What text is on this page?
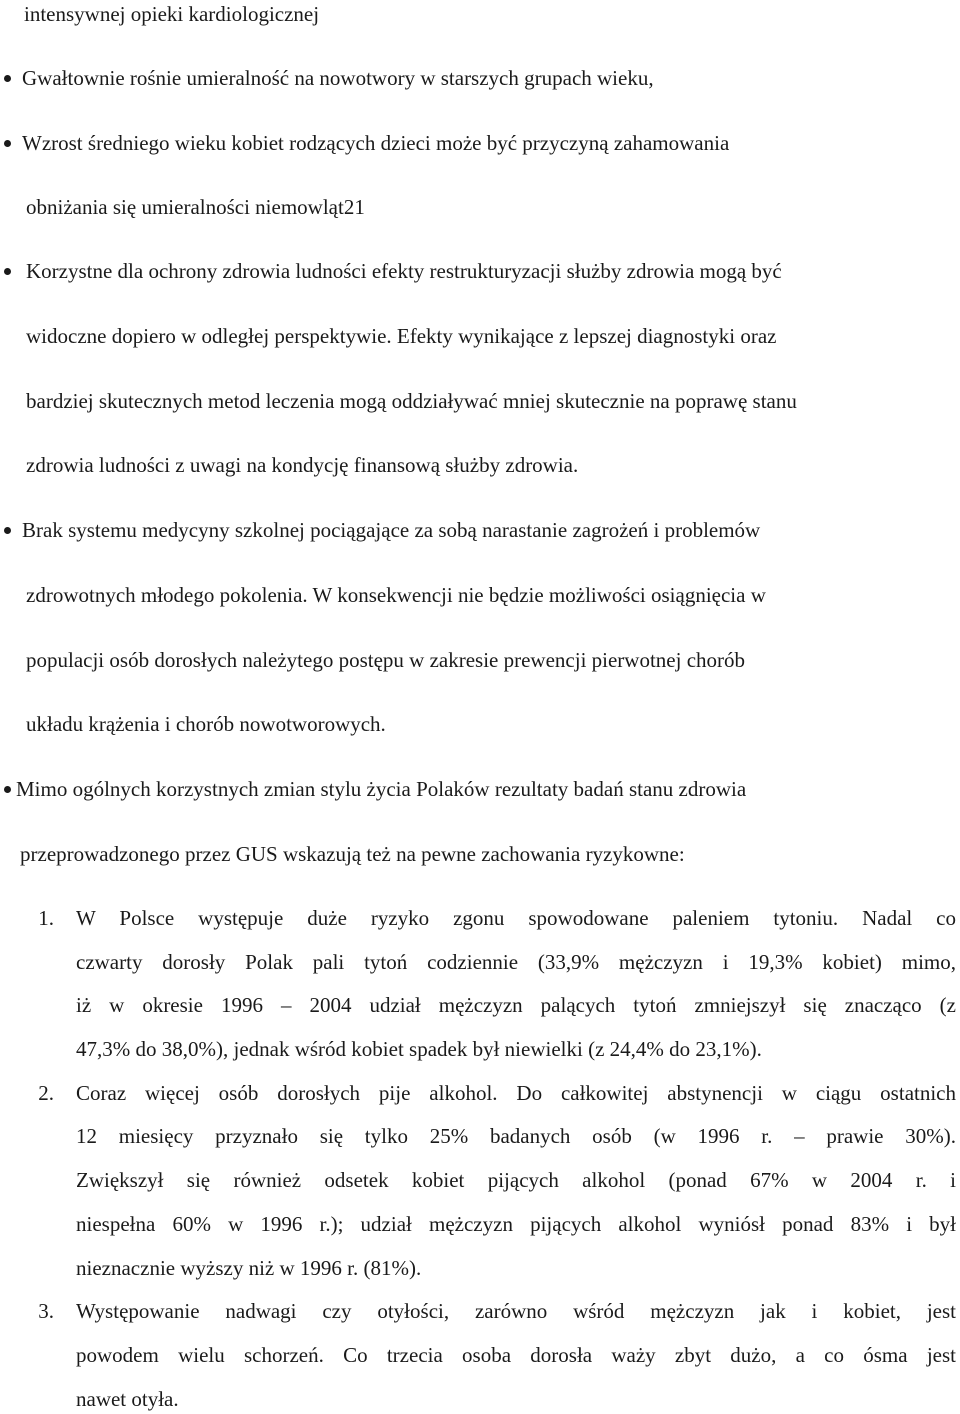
intensywnej opieki kardiologicznej
Gwałtownie rośnie umieralność na nowotwory w starszych grupach wieku,
Wzrost średniego wieku kobiet rodzących dzieci może być przyczyną zahamowania
obniżania się umieralności niemowląt21
Korzystne dla ochrony zdrowia ludności efekty restrukturyzacji służby zdrowia mogą być
widoczne dopiero w odległej perspektywie. Efekty wynikające z lepszej diagnostyki oraz
bardziej skutecznych metod leczenia mogą oddziaływać mniej skutecznie na poprawę stanu
zdrowia ludności z uwagi na kondycję finansową służby zdrowia.
Brak systemu medycyny szkolnej pociągające za sobą narastanie zagrożeń i problemów
zdrowotnych młodego pokolenia. W konsekwencji nie będzie możliwości osiągnięcia w
populacji osób dorosłych należytego postępu w zakresie prewencji pierwotnej chorób
układu krążenia i chorób nowotworowych.
Mimo ogólnych korzystnych zmian stylu życia Polaków rezultaty badań stanu zdrowia
przeprowadzonego przez GUS wskazują też na pewne zachowania ryzykowne:
1. W Polsce występuje duże ryzyko zgonu spowodowane paleniem tytoniu. Nadal co
czwarty dorosły Polak pali tytoń codziennie (33,9% mężczyzn i 19,3% kobiet) mimo,
iż w okresie 1996 – 2004 udział mężczyzn palących tytoń zmniejszył się znacząco (z
47,3% do 38,0%), jednak wśród kobiet spadek był niewielki (z 24,4% do 23,1%).
2. Coraz więcej osób dorosłych pije alkohol. Do całkowitej abstynencji w ciągu ostatnich
12 miesięcy przyznało się tylko 25% badanych osób (w 1996 r. – prawie 30%).
Zwiększył się również odsetek kobiet pijących alkohol (ponad 67% w 2004 r. i
niespełna 60% w 1996 r.); udział mężczyzn pijących alkohol wyniósł ponad 83% i był
nieznacznie wyższy niż w 1996 r. (81%).
3. Występowanie nadwagi czy otyłości, zarówno wśród mężczyzn jak i kobiet, jest
powodem wielu schorzeń. Co trzecia osoba dorosła waży zbyt dużo, a co ósma jest
nawet otyła.
